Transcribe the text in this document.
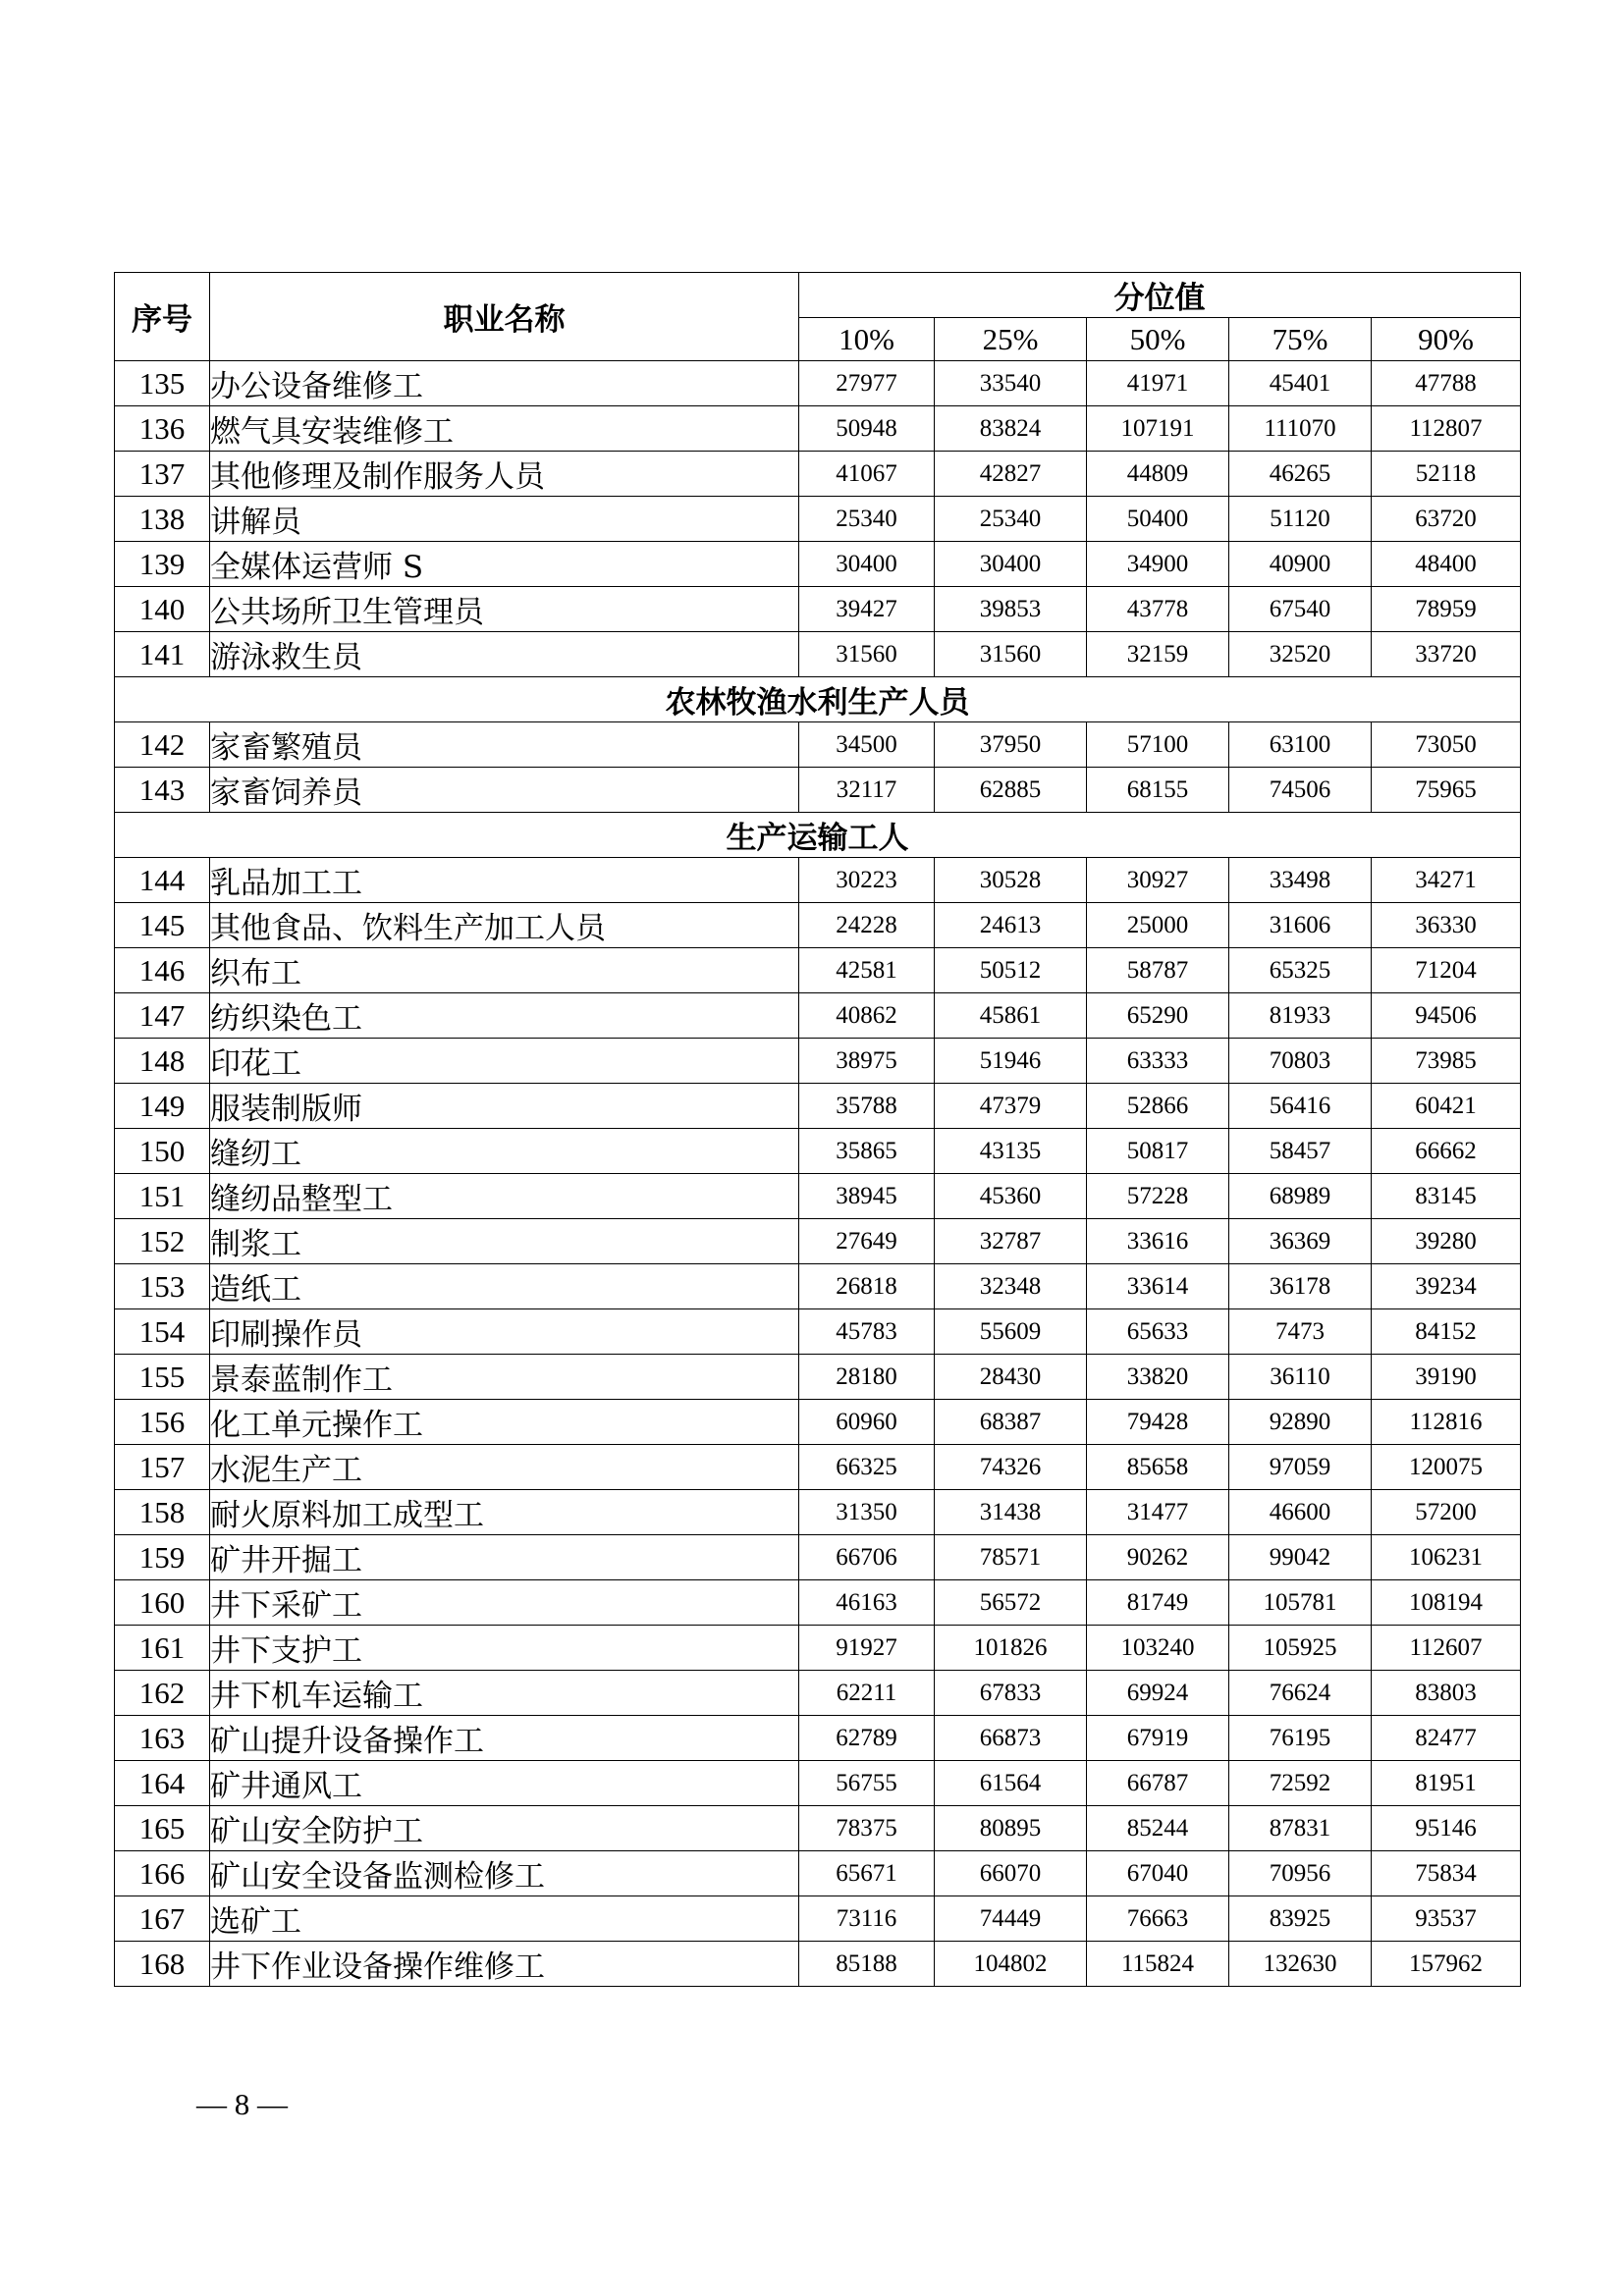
序号	职业名称	分位值				
		10%	25%	50%	75%	90%
135	办公设备维修工	27977	33540	41971	45401	47788
136	燃气具安装维修工	50948	83824	107191	111070	112807
137	其他修理及制作服务人员	41067	42827	44809	46265	52118
138	讲解员	25340	25340	50400	51120	63720
139	全媒体运营师 S	30400	30400	34900	40900	48400
140	公共场所卫生管理员	39427	39853	43778	67540	78959
141	游泳救生员	31560	31560	32159	32520	33720
农林牧渔水利生产人员						
142	家畜繁殖员	34500	37950	57100	63100	73050
143	家畜饲养员	32117	62885	68155	74506	75965
生产运输工人						
144	乳品加工工	30223	30528	30927	33498	34271
145	其他食品、饮料生产加工人员	24228	24613	25000	31606	36330
146	织布工	42581	50512	58787	65325	71204
147	纺织染色工	40862	45861	65290	81933	94506
148	印花工	38975	51946	63333	70803	73985
149	服装制版师	35788	47379	52866	56416	60421
150	缝纫工	35865	43135	50817	58457	66662
151	缝纫品整型工	38945	45360	57228	68989	83145
152	制浆工	27649	32787	33616	36369	39280
153	造纸工	26818	32348	33614	36178	39234
154	印刷操作员	45783	55609	65633	7473	84152
155	景泰蓝制作工	28180	28430	33820	36110	39190
156	化工单元操作工	60960	68387	79428	92890	112816
157	水泥生产工	66325	74326	85658	97059	120075
158	耐火原料加工成型工	31350	31438	31477	46600	57200
159	矿井开掘工	66706	78571	90262	99042	106231
160	井下采矿工	46163	56572	81749	105781	108194
161	井下支护工	91927	101826	103240	105925	112607
162	井下机车运输工	62211	67833	69924	76624	83803
163	矿山提升设备操作工	62789	66873	67919	76195	82477
164	矿井通风工	56755	61564	66787	72592	81951
165	矿山安全防护工	78375	80895	85244	87831	95146
166	矿山安全设备监测检修工	65671	66070	67040	70956	75834
167	选矿工	73116	74449	76663	83925	93537
168	井下作业设备操作维修工	85188	104802	115824	132630	157962
— 8 —
